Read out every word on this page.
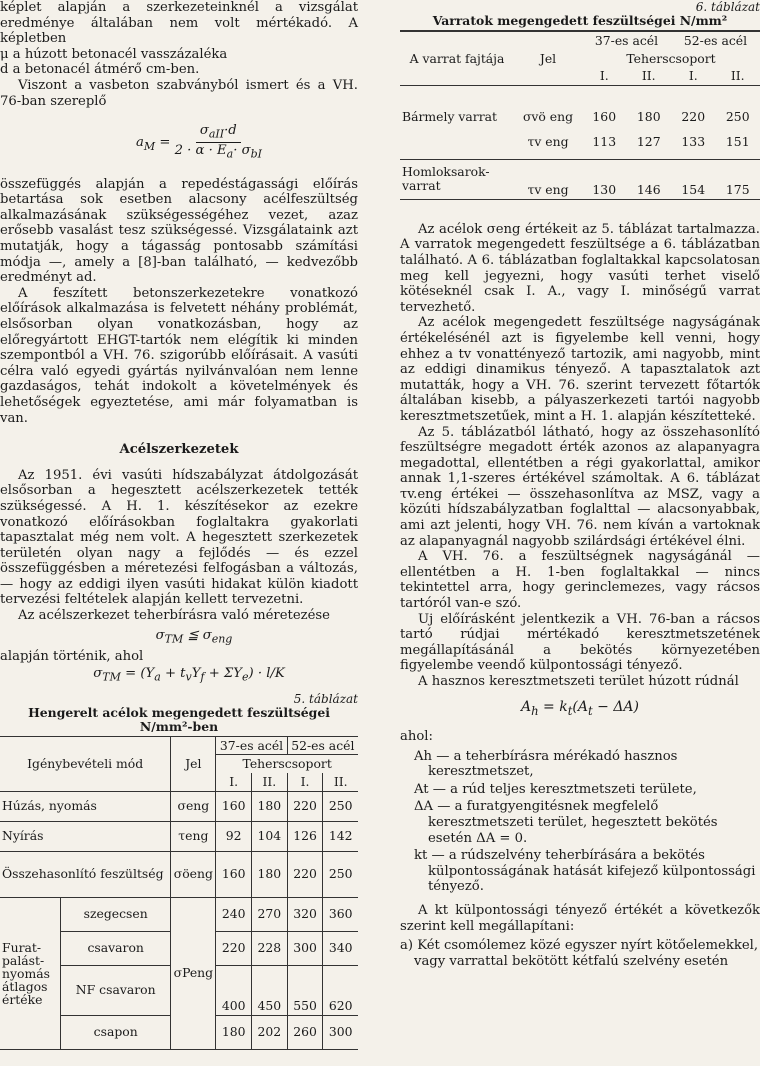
képlet alapján a szerkezeteinknél a vizsgálat eredménye általában nem volt mértékadó. A képletben

μ a húzott betonacél vasszázaléka

d a betonacél átmérő cm-ben.

Viszont a vasbeton szabványból ismert és a VH. 76-ban szereplő

$a_M = \frac{\sigma_{aII}\cdot d}{2 \cdot \alpha \cdot E_a\cdot \sigma_{bI}}$

összefüggés alapján a repedéstágassági előírás betartása sok esetben alacsony acélfeszültség alkalmazásának szükségességéhez vezet, azaz erősebb vasalást tesz szükségessé. Vizsgálataink azt mutatják, hogy a tágasság pontosabb számítási módja —, amely a [8]-ban található, — kedvezőbb eredményt ad.

A feszített betonszerkezetekre vonatkozó előírások alkalmazása is felvetett néhány problémát, elsősorban olyan vonatkozásban, hogy az előregyártott EHGT-tartók nem elégítik ki minden szempontból a VH. 76. szigorúbb előírásait. A vasúti célra való egyedi gyártás nyilvánvalóan nem lenne gazdaságos, tehát indokolt a követelmények és lehetőségek egyeztetése, ami már folyamatban is van.

Acélszerkezetek

Az 1951. évi vasúti hídszabályzat átdolgozását elsősorban a hegesztett acélszerkezetek tették szükségessé. A H. 1. készítésekor az ezekre vonatkozó előírásokban foglaltakra gyakorlati tapasztalat még nem volt. A hegesztett szerkezetek területén olyan nagy a fejlődés — és ezzel összefüggésben a méretezési felfogásban a változás, — hogy az eddigi ilyen vasúti hidakat külön kiadott tervezési feltételek alapján kellett tervezetni.

Az acélszerkezet teherbírásra való méretezése

$\sigma_{TM}$ ≦ $\sigma_{eng}$

alapján történik, ahol

$\sigma_{TM} = (Y_a + t_vY_f + \Sigma Y_e) \cdot l/K$
5. táblázat
Hengerelt acélok megengedett feszültségei N/mm²-ben
Igénybevételi mód		Jel	37-es acél		52-es acél	
			Teherscsoport			
			I.	II.	I.	II.
Húzás, nyomás		σeng	160	180	220	250
Nyírás		τeng	92	104	126	142
Összehasonlító feszültség		σöeng	160	180	220	250
Furat-palást-nyomás átlagos értéke	szegecsen	σPeng	240	270	320	360
	csavaron		220	228	300	340
	NF csavaron		400	450	550	620
	csapon		180	202	260	300
6. táblázat
Varratok megengedett feszültségei N/mm²
A varrat fajtája	Jel	37-es acél		52-es acél	
		Teherscsoport			
		I.	II.	I.	II.
Bármely varrat	σvö eng	160	180	220	250
	τv eng	113	127	133	151
Homloksarok-varrat	τv eng	130	146	154	175

Az acélok σeng értékeit az 5. táblázat tartalmazza. A varratok megengedett feszültsége a 6. táblázatban található. A 6. táblázatban foglaltakkal kapcsolatosan meg kell jegyezni, hogy vasúti terhet viselő kötéseknél csak I. A., vagy I. minőségű varrat tervezhető.

Az acélok megengedett feszültsége nagyságának értékelésénél azt is figyelembe kell venni, hogy ehhez a tv vonattényező tartozik, ami nagyobb, mint az eddigi dinamikus tényező. A tapasztalatok azt mutatták, hogy a VH. 76. szerint tervezett főtartók általában kisebb, a pályaszerkezeti tartói nagyobb keresztmetszetűek, mint a H. 1. alapján készítetteké.

Az 5. táblázatból látható, hogy az összehasonlító feszültségre megadott érték azonos az alapanyagra megadottal, ellentétben a régi gyakorlattal, amikor annak 1,1-szeres értékével számoltak. A 6. táblázat τv.eng értékei — összehasonlítva az MSZ, vagy a közúti hídszabályzatban foglalttal — alacsonyabbak, ami azt jelenti, hogy VH. 76. nem kíván a vartoknak az alapanyagnál nagyobb szilárdsági értékével élni.

A VH. 76. a feszültségnek nagyságánál — ellentétben a H. 1-ben foglaltakkal — nincs tekintettel arra, hogy gerinclemezes, vagy rácsos tartóról van-e szó.

Uj előírásként jelentkezik a VH. 76-ban a rácsos tartó rúdjai mértékadó keresztmetszetének megállapításánál a bekötés környezetében figyelembe veendő külpontossági tényező.

A hasznos keresztmetszeti terület húzott rúdnál

$A_h = k_t(A_t - \Delta A)$

ahol:

Ah — a teherbírásra mérékadó hasznos keresztmetszet,

At — a rúd teljes keresztmetszeti területe,

ΔA — a furatgyengitésnek megfelelő keresztmetszeti terület, hegesztett bekötés esetén ΔA = 0.

kt — a rúdszelvény teherbírására a bekötés külpontosságának hatását kifejező külpontossági tényező.

A kt külpontossági tényező értékét a következők szerint kell megállapítani:

a) Két csomólemez közé egyszer nyírt kötőelemekkel, vagy varrattal bekötött kétfalú szelvény esetén
